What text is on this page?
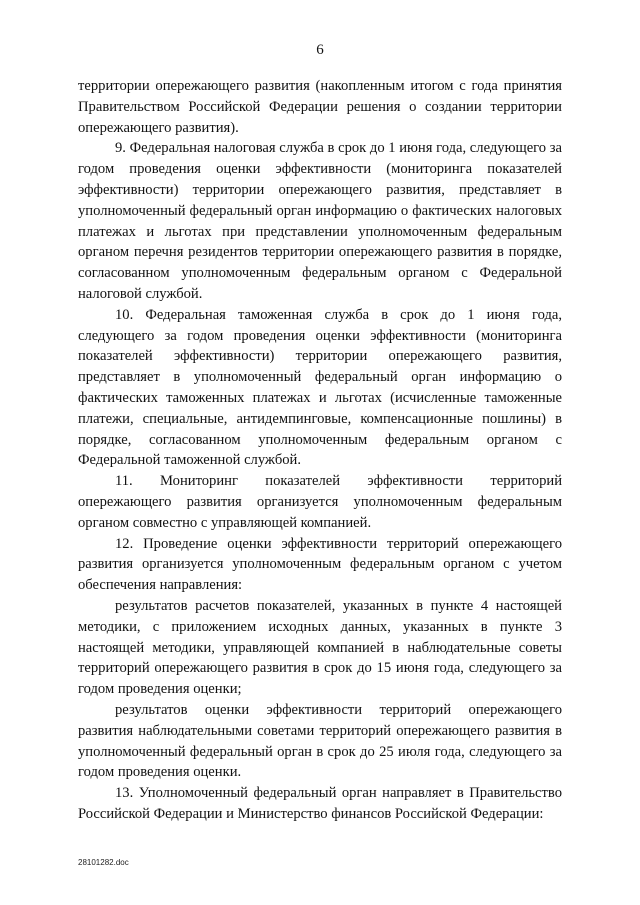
6

территории опережающего развития (накопленным итогом с года принятия Правительством Российской Федерации решения о создании территории опережающего развития).

9. Федеральная налоговая служба в срок до 1 июня года, следующего за годом проведения оценки эффективности (мониторинга показателей эффективности) территории опережающего развития, представляет в уполномоченный федеральный орган информацию о фактических налоговых платежах и льготах при представлении уполномоченным федеральным органом перечня резидентов территории опережающего развития в порядке, согласованном уполномоченным федеральным органом с Федеральной налоговой службой.

10. Федеральная таможенная служба в срок до 1 июня года, следующего за годом проведения оценки эффективности (мониторинга показателей эффективности) территории опережающего развития, представляет в уполномоченный федеральный орган информацию о фактических таможенных платежах и льготах (исчисленные таможенные платежи, специальные, антидемпинговые, компенсационные пошлины) в порядке, согласованном уполномоченным федеральным органом с Федеральной таможенной службой.

11. Мониторинг показателей эффективности территорий опережающего развития организуется уполномоченным федеральным органом совместно с управляющей компанией.

12. Проведение оценки эффективности территорий опережающего развития организуется уполномоченным федеральным органом с учетом обеспечения направления:

результатов расчетов показателей, указанных в пункте 4 настоящей методики, с приложением исходных данных, указанных в пункте 3 настоящей методики, управляющей компанией в наблюдательные советы территорий опережающего развития в срок до 15 июня года, следующего за годом проведения оценки;

результатов оценки эффективности территорий опережающего развития наблюдательными советами территорий опережающего развития в уполномоченный федеральный орган в срок до 25 июля года, следующего за годом проведения оценки.

13. Уполномоченный федеральный орган направляет в Правительство Российской Федерации и Министерство финансов Российской Федерации:

28101282.doc
